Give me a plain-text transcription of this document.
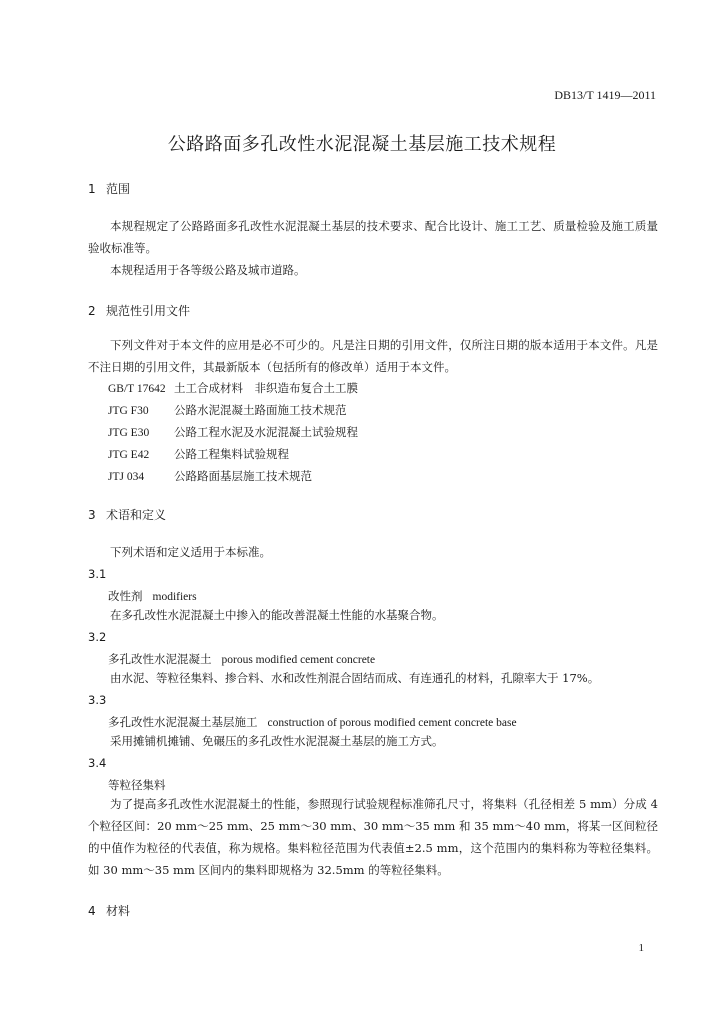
DB13/T 1419—2011
公路路面多孔改性水泥混凝土基层施工技术规程
1 范围
本规程规定了公路路面多孔改性水泥混凝土基层的技术要求、配合比设计、施工工艺、质量检验及施工质量验收标准等。
本规程适用于各等级公路及城市道路。
2 规范性引用文件
下列文件对于本文件的应用是必不可少的。凡是注日期的引用文件，仅所注日期的版本适用于本文件。凡是不注日期的引用文件，其最新版本（包括所有的修改单）适用于本文件。
GB/T 17642 土工合成材料　非织造布复合土工膜
JTG F30 公路水泥混凝土路面施工技术规范
JTG E30 公路工程水泥及水泥混凝土试验规程
JTG E42 公路工程集料试验规程
JTJ 034	公路路面基层施工技术规范
3 术语和定义
下列术语和定义适用于本标准。
3.1
改性剂 modifiers
在多孔改性水泥混凝土中掺入的能改善混凝土性能的水基聚合物。
3.2
多孔改性水泥混凝土 porous modified cement concrete
由水泥、等粒径集料、掺合料、水和改性剂混合固结而成、有连通孔的材料，孔隙率大于 17%。
3.3
多孔改性水泥混凝土基层施工 construction of porous modified cement concrete base
采用摊铺机摊铺、免碾压的多孔改性水泥混凝土基层的施工方式。
3.4
等粒径集料
为了提高多孔改性水泥混凝土的性能，参照现行试验规程标准筛孔尺寸，将集料（孔径相差 5 mm）分成 4 个粒径区间：20 mm～25 mm、25 mm～30 mm、30 mm～35 mm 和 35 mm～40 mm，将某一区间粒径的中值作为粒径的代表值，称为规格。集料粒径范围为代表值±2.5 mm，这个范围内的集料称为等粒径集料。如 30 mm～35 mm 区间内的集料即规格为 32.5mm 的等粒径集料。
4 材料
1
